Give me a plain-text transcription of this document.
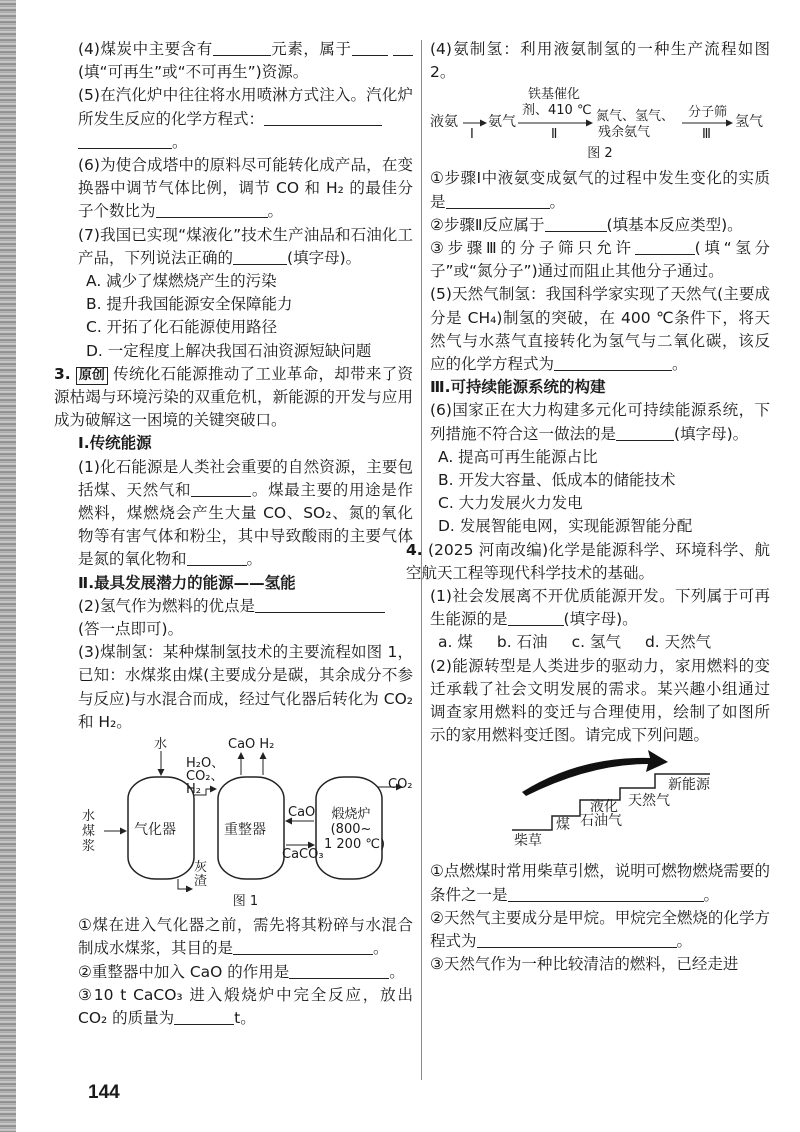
(4)煤炭中主要含有	元素，属于 (填“可再生”或“不可再生”)资源。

(5)在汽化炉中往往将水用喷淋方式注入。汽化炉所发生反应的化学方程式：
。

(6)为使合成塔中的原料尽可能转化成产品，在变换器中调节气体比例，调节 CO 和 H₂ 的最佳分子个数比为	。

(7)我国已实现“煤液化”技术生产油品和石油化工产品，下列说法正确的	(填字母)。

A. 减少了煤燃烧产生的污染

B. 提升我国能源安全保障能力

C. 开拓了化石能源使用路径

D. 一定程度上解决我国石油资源短缺问题

3. 原创 传统化石能源推动了工业革命，却带来了资源枯竭与环境污染的双重危机，新能源的开发与应用成为破解这一困境的关键突破口。

Ⅰ.传统能源

(1)化石能源是人类社会重要的自然资源，主要包括煤、天然气和	。煤最主要的用途是作燃料，煤燃烧会产生大量 CO、SO₂、氮的氧化物等有害气体和粉尘，其中导致酸雨的主要气体是氮的氧化物和	。

Ⅱ.最具发展潜力的能源——氢能

(2)氢气作为燃料的优点是
(答一点即可)。

(3)煤制氢：某种煤制氢技术的主要流程如图 1，已知：水煤浆由煤(主要成分是碳，其余成分不参与反应)与水混合而成，经过气化器后转化为 CO₂ 和 H₂。

水	CaO H₂
H₂O、
CO₂、
H₂	CO₂
水
煤
浆
气化器	重整器
煅烧炉
(800~
1 200 ℃)
CaO
CaCO₃
灰
渣

图 1

①煤在进入气化器之前，需先将其粉碎与水混合制成水煤浆，其目的是	。

②重整器中加入 CaO 的作用是	。

③10 t CaCO₃ 进入煅烧炉中完全反应，放出 CO₂ 的质量为	t。

(4)氨制氢：利用液氨制氢的一种生产流程如图 2。

液氨
Ⅰ
氨气
铁基催化
剂、410 ℃
Ⅱ
氮气、氢气、
残余氨气
分子筛
Ⅲ
氢气

图 2

①步骤Ⅰ中液氨变成氨气的过程中发生变化的实质是	。

②步骤Ⅱ反应属于	(填基本反应类型)。

③步骤Ⅲ的分子筛只允许	(填“氢分子”或“氮分子”)通过而阻止其他分子通过。

(5)天然气制氢：我国科学家实现了天然气(主要成分是 CH₄)制氢的突破，在 400 ℃条件下，将天然气与水蒸气直接转化为氢气与二氧化碳，该反应的化学方程式为	。

Ⅲ.可持续能源系统的构建

(6)国家正在大力构建多元化可持续能源系统，下列措施不符合这一做法的是	(填字母)。

A. 提高可再生能源占比

B. 开发大容量、低成本的储能技术

C. 大力发展火力发电

D. 发展智能电网，实现能源智能分配

4. (2025 河南改编)化学是能源科学、环境科学、航空航天工程等现代科学技术的基础。

(1)社会发展离不开优质能源开发。下列属于可再生能源的是	(填字母)。

a. 煤 b. 石油 c. 氢气 d. 天然气

(2)能源转型是人类进步的驱动力，家用燃料的变迁承载了社会文明发展的需求。某兴趣小组通过调查家用燃料的变迁与合理使用，绘制了如图所示的家用燃料变迁图。请完成下列问题。

柴草
煤
液化
石油气
天然气
新能源

①点燃煤时常用柴草引燃，说明可燃物燃烧需要的条件之一是	。

②天然气主要成分是甲烷。甲烷完全燃烧的化学方程式为	。

③天然气作为一种比较清洁的燃料，已经走进

144
